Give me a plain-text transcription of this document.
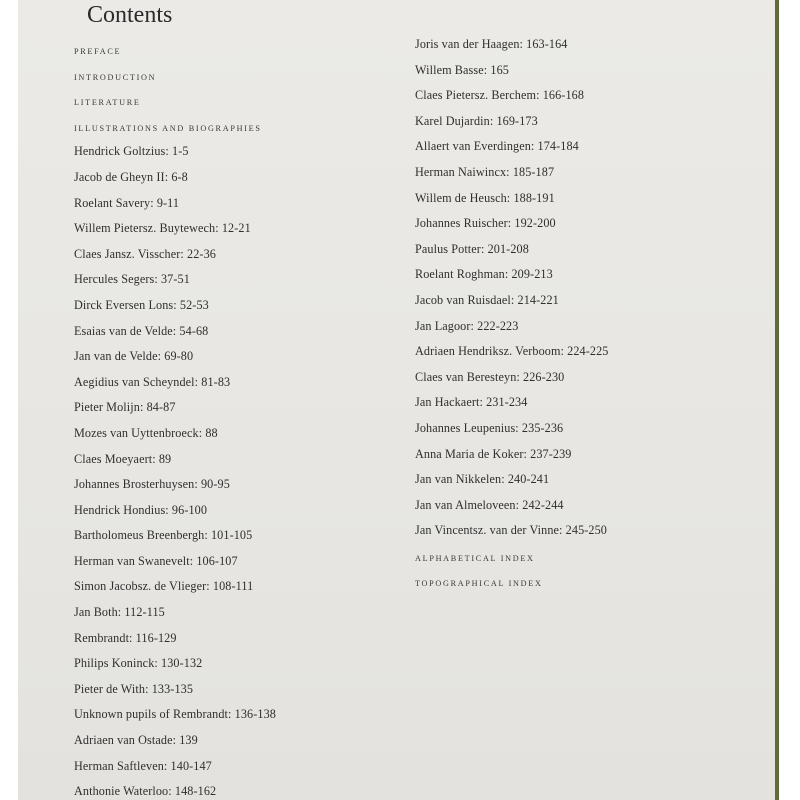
Contents
PREFACE
INTRODUCTION
LITERATURE
ILLUSTRATIONS AND BIOGRAPHIES
Hendrick Goltzius: 1-5
Jacob de Gheyn II: 6-8
Roelant Savery: 9-11
Willem Pietersz. Buytewech: 12-21
Claes Jansz. Visscher: 22-36
Hercules Segers: 37-51
Dirck Eversen Lons: 52-53
Esaias van de Velde: 54-68
Jan van de Velde: 69-80
Aegidius van Scheyndel: 81-83
Pieter Molijn: 84-87
Mozes van Uyttenbroeck: 88
Claes Moeyaert: 89
Johannes Brosterhuysen: 90-95
Hendrick Hondius: 96-100
Bartholomeus Breenbergh: 101-105
Herman van Swanevelt: 106-107
Simon Jacobsz. de Vlieger: 108-111
Jan Both: 112-115
Rembrandt: 116-129
Philips Koninck: 130-132
Pieter de With: 133-135
Unknown pupils of Rembrandt: 136-138
Adriaen van Ostade: 139
Herman Saftleven: 140-147
Anthonie Waterloo: 148-162
Joris van der Haagen: 163-164
Willem Basse: 165
Claes Pietersz. Berchem: 166-168
Karel Dujardin: 169-173
Allaert van Everdingen: 174-184
Herman Naiwincx: 185-187
Willem de Heusch: 188-191
Johannes Ruischer: 192-200
Paulus Potter: 201-208
Roelant Roghman: 209-213
Jacob van Ruisdael: 214-221
Jan Lagoor: 222-223
Adriaen Hendriksz. Verboom: 224-225
Claes van Beresteyn: 226-230
Jan Hackaert: 231-234
Johannes Leupenius: 235-236
Anna Maria de Koker: 237-239
Jan van Nikkelen: 240-241
Jan van Almeloveen: 242-244
Jan Vincentsz. van der Vinne: 245-250
ALPHABETICAL INDEX
TOPOGRAPHICAL INDEX
